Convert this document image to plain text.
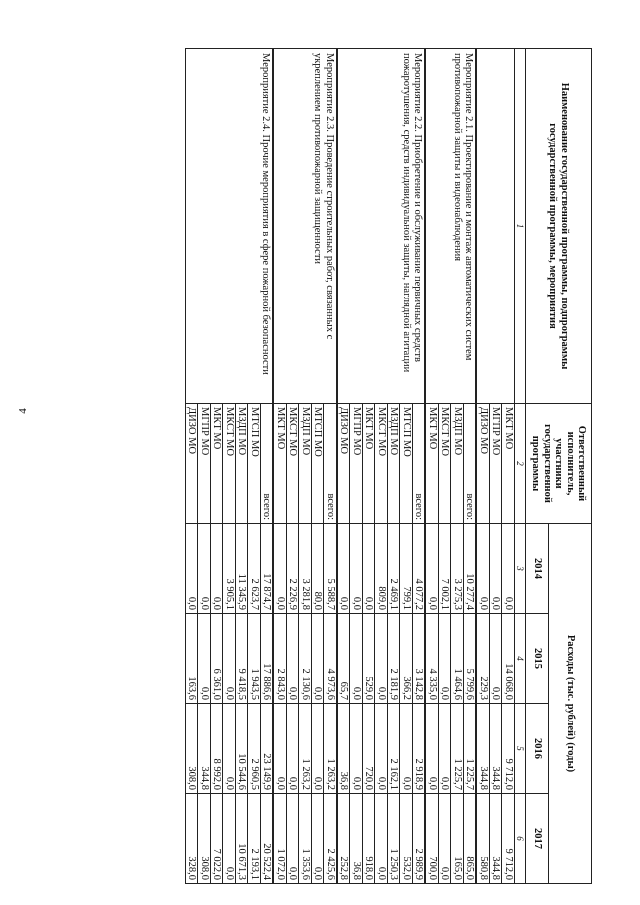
4
Наименование государственной программы, подпрограммы государственной программы, мероприятия	Ответственный исполнитель, участники государственной программы	Расходы (тыс. рублей) (годы)			
		2014	2015	2016	2017
1	2	3	4	5	6
	МКТ МО	0,0	14 068,0	9 712,0	9 712,0
	МГПР МО	0,0	0,0	344,8	344,8
	ДИЗО МО	0,0	229,3	344,8	580,8
Мероприятие 2.1. Проектирование и монтаж автоматических систем противопожарной защиты и видеонаблюдения	всего:	10 277,4	5 799,6	1 225,7	865,0
	МЗДП МО	3 275,3	1 464,6	1 225,7	165,0
	МКСТ МО	7 002,1	0,0	0,0	0,0
	МКТ МО	0,0	4 335,0	0,0	700,0
Мероприятие 2.2. Приобретение и обслуживание первичных средств пожаротушения, средств индивидуальной защиты, наглядной агитации	всего:	4 077,2	3 142,8	2 918,9	2 989,9
	МТСП МО	799,1	366,2	0,0	532,0
	МЗДП МО	2 469,1	2 181,9	2 162,1	1 250,3
	МКСТ МО	809,0	0,0	0,0	0,0
	МКТ МО	0,0	529,0	720,0	918,0
	МГПР МО	0,0	0,0	0,0	36,8
	ДИЗО МО	0,0	65,7	36,8	252,8
Мероприятие 2.3. Проведение строительных работ, связанных с укреплением противопожарной защищенности	всего:	5 588,7	4 973,6	1 263,2	2 425,6
	МТСП МО	80,0	0,0	0,0	0,0
	МЗДП МО	3 281,8	2 130,6	1 263,2	1 353,6
	МКСТ МО	2 226,9	0,0	0,0	0,0
	МКТ МО	0,0	2 843,0	0,0	1 072,0
Мероприятие 2.4. Прочие мероприятия в сфере пожарной безопасности	всего:	17 874,7	17 886,6	23 149,9	20 522,4
	МТСП МО	2 623,7	1 943,5	2 960,5	2 193,1
	МЗДП МО	11 345,9	9 418,5	10 544,6	10 671,3
	МКСТ МО	3 905,1	0,0	0,0	0,0
	МКТ МО	0,0	6 361,0	8 992,0	7 022,0
	МГПР МО	0,0	0,0	344,8	308,0
	ДИЗО МО	0,0	163,6	308,0	328,0
